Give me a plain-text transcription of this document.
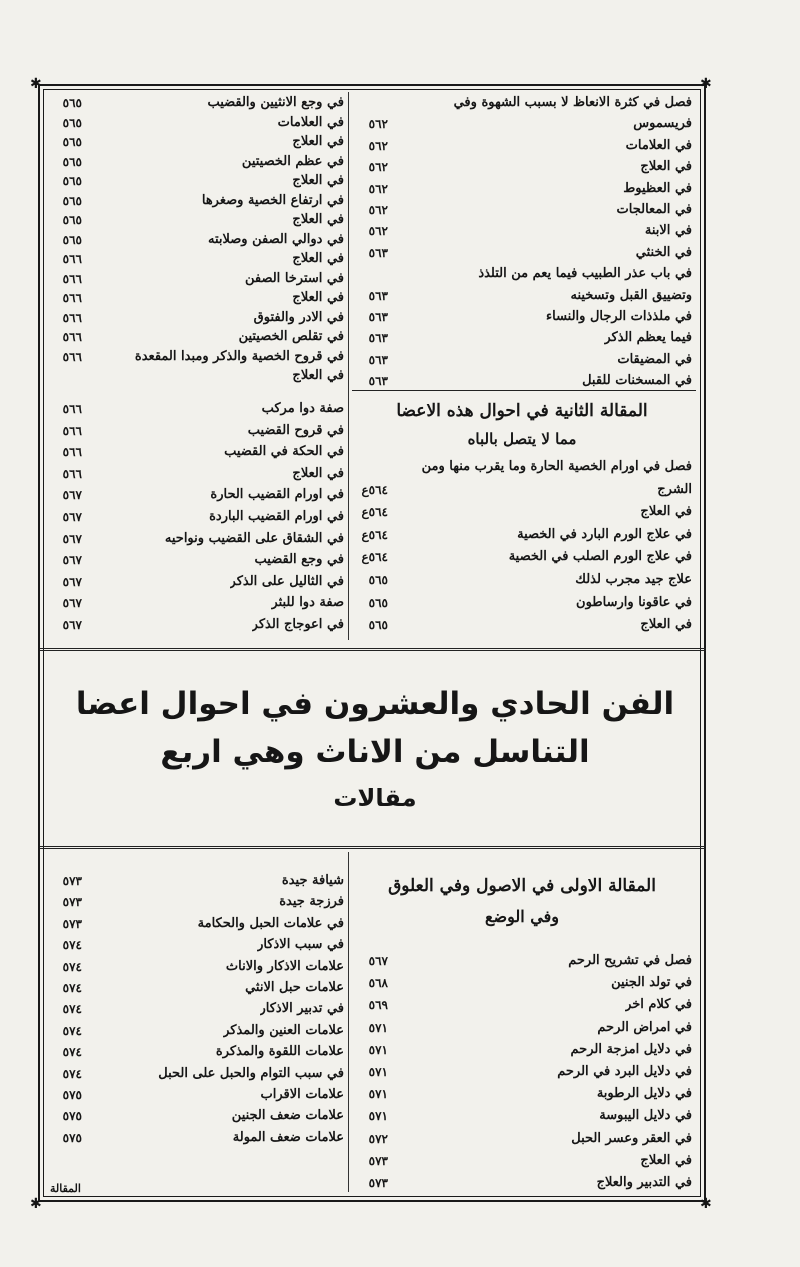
✱	✱
✱	✱
فصل في كثرة الانعاظ لا بسبب الشهوة وفي
فريسموس
٥٦٢
في العلامات
٥٦٢
في العلاج
٥٦٢
في العظيوط
٥٦٢
في المعالجات
٥٦٢
في الابنة
٥٦٢
في الخنثي
٥٦٣
في باب عذر الطبيب فيما يعم من التلذذ
وتضييق القبل وتسخينه
٥٦٣
في ملذذات الرجال والنساء
٥٦٣
فيما يعظم الذكر
٥٦٣
في المضيقات
٥٦٣
في المسخنات للقبل
٥٦٣
المقالة الثانية في احوال هذه الاعضا
مما لا يتصل بالباه
فصل في اورام الخصية الحارة وما يقرب منها ومن
الشرج
٥٦٤ع
في العلاج
٥٦٤ع
في علاج الورم البارد في الخصية
٥٦٤ع
في علاج الورم الصلب في الخصية
٥٦٤ع
علاج جيد مجرب لذلك
٥٦٥
في عاقونا وارساطون
٥٦٥
في العلاج
٥٦٥
في وجع الانثيين والقضيب
٥٦٥
في العلامات
٥٦٥
في العلاج
٥٦٥
في عظم الخصيتين
٥٦٥
في العلاج
٥٦٥
في ارتفاع الخصية وصغرها
٥٦٥
في العلاج
٥٦٥
في دوالي الصفن وصلابته
٥٦٥
في العلاج
٥٦٦
في استرخا الصفن
٥٦٦
في العلاج
٥٦٦
في الادر والفتوق
٥٦٦
في تقلص الخصيتين
٥٦٦
في قروح الخصية والذكر ومبدا المقعدة
٥٦٦
في العلاج
صفة دوا مركب
٥٦٦
في قروح القضيب
٥٦٦
في الحكة في القضيب
٥٦٦
في العلاج
٥٦٦
في اورام القضيب الحارة
٥٦٧
في اورام القضيب الباردة
٥٦٧
في الشقاق على القضيب ونواحيه
٥٦٧
في وجع القضيب
٥٦٧
في الثاليل على الذكر
٥٦٧
صفة دوا للبثر
٥٦٧
في اعوجاج الذكر
٥٦٧
الفن الحادي والعشرون في احوال اعضا
التناسل من الاناث وهي اربع
مقالات
المقالة الاولى في الاصول وفي العلوق
وفي الوضع
فصل في تشريح الرحم
٥٦٧
في تولد الجنين
٥٦٨
في كلام اخر
٥٦٩
في امراض الرحم
٥٧١
في دلايل امزجة الرحم
٥٧١
في دلايل البرد في الرحم
٥٧١
في دلايل الرطوبة
٥٧١
في دلايل اليبوسة
٥٧١
في العقر وعسر الحبل
٥٧٢
في العلاج
٥٧٣
في التدبير والعلاج
٥٧٣
شيافة جيدة
٥٧٣
فرزجة جيدة
٥٧٣
في علامات الحبل والحكامة
٥٧٣
في سبب الاذكار
٥٧٤
علامات الاذكار والاناث
٥٧٤
علامات حبل الانثي
٥٧٤
في تدبير الاذكار
٥٧٤
علامات العنين والمذكر
٥٧٤
علامات اللقوة والمذكرة
٥٧٤
في سبب التوام والحبل على الحبل
٥٧٤
علامات الاقراب
٥٧٥
علامات ضعف الجنين
٥٧٥
علامات ضعف المولة
٥٧٥
المقالة
